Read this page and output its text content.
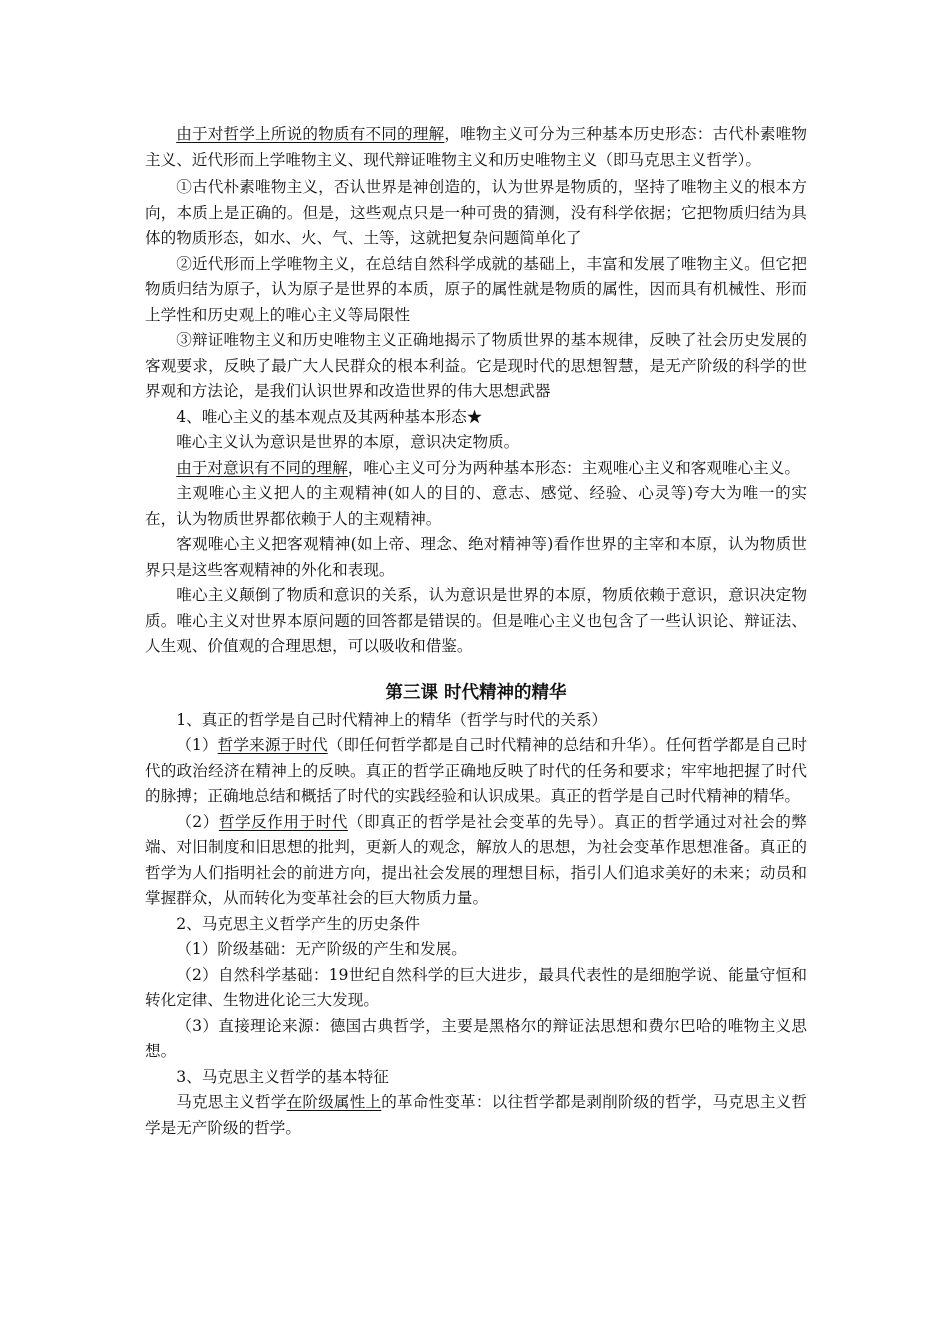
由于对哲学上所说的物质有不同的理解，唯物主义可分为三种基本历史形态：古代朴素唯物主义、近代形而上学唯物主义、现代辩证唯物主义和历史唯物主义（即马克思主义哲学）。

①古代朴素唯物主义，否认世界是神创造的，认为世界是物质的，坚持了唯物主义的根本方向，本质上是正确的。但是，这些观点只是一种可贵的猜测，没有科学依据；它把物质归结为具体的物质形态，如水、火、气、土等，这就把复杂问题简单化了

②近代形而上学唯物主义，在总结自然科学成就的基础上，丰富和发展了唯物主义。但它把物质归结为原子，认为原子是世界的本质，原子的属性就是物质的属性，因而具有机械性、形而上学性和历史观上的唯心主义等局限性

③辩证唯物主义和历史唯物主义正确地揭示了物质世界的基本规律，反映了社会历史发展的客观要求，反映了最广大人民群众的根本利益。它是现时代的思想智慧，是无产阶级的科学的世界观和方法论，是我们认识世界和改造世界的伟大思想武器

4、唯心主义的基本观点及其两种基本形态★

唯心主义认为意识是世界的本原，意识决定物质。

由于对意识有不同的理解，唯心主义可分为两种基本形态：主观唯心主义和客观唯心主义。

主观唯心主义把人的主观精神(如人的目的、意志、感觉、经验、心灵等)夸大为唯一的实在，认为物质世界都依赖于人的主观精神。

客观唯心主义把客观精神(如上帝、理念、绝对精神等)看作世界的主宰和本原，认为物质世界只是这些客观精神的外化和表现。

唯心主义颠倒了物质和意识的关系，认为意识是世界的本原，物质依赖于意识，意识决定物质。唯心主义对世界本原问题的回答都是错误的。但是唯心主义也包含了一些认识论、辩证法、人生观、价值观的合理思想，可以吸收和借鉴。

第三课 时代精神的精华

1、真正的哲学是自己时代精神上的精华（哲学与时代的关系）

（1）哲学来源于时代（即任何哲学都是自己时代精神的总结和升华）。任何哲学都是自己时代的政治经济在精神上的反映。真正的哲学正确地反映了时代的任务和要求；牢牢地把握了时代的脉搏；正确地总结和概括了时代的实践经验和认识成果。真正的哲学是自己时代精神的精华。

（2）哲学反作用于时代（即真正的哲学是社会变革的先导）。真正的哲学通过对社会的弊端、对旧制度和旧思想的批判，更新人的观念，解放人的思想，为社会变革作思想准备。真正的哲学为人们指明社会的前进方向，提出社会发展的理想目标，指引人们追求美好的未来；动员和掌握群众，从而转化为变革社会的巨大物质力量。

2、马克思主义哲学产生的历史条件

（1）阶级基础：无产阶级的产生和发展。

（2）自然科学基础：19世纪自然科学的巨大进步，最具代表性的是细胞学说、能量守恒和转化定律、生物进化论三大发现。

（3）直接理论来源：德国古典哲学，主要是黑格尔的辩证法思想和费尔巴哈的唯物主义思想。

3、马克思主义哲学的基本特征

马克思主义哲学在阶级属性上的革命性变革：以往哲学都是剥削阶级的哲学，马克思主义哲学是无产阶级的哲学。
